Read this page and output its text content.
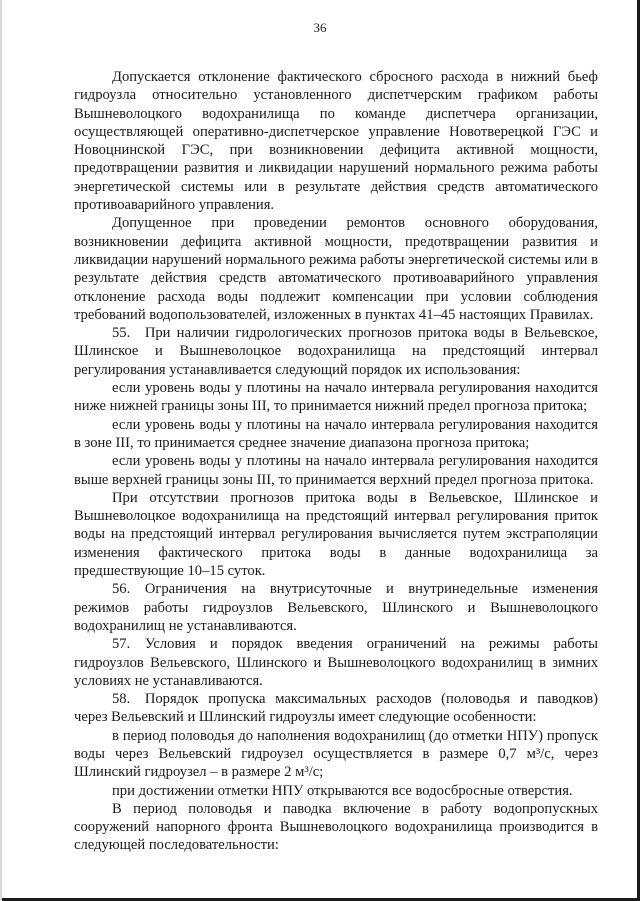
36

Допускается отклонение фактического сбросного расхода в нижний бьеф гидроузла относительно установленного диспетчерским графиком работы Вышневолоцкого водохранилища по команде диспетчера организации, осуществляющей оперативно-диспетчерское управление Новотверецкой ГЭС и Новоцнинской ГЭС, при возникновении дефицита активной мощности, предотвращении развития и ликвидации нарушений нормального режима работы энергетической системы или в результате действия средств автоматического противоаварийного управления.

Допущенное при проведении ремонтов основного оборудования, возникновении дефицита активной мощности, предотвращении развития и ликвидации нарушений нормального режима работы энергетической системы или в результате действия средств автоматического противоаварийного управления отклонение расхода воды подлежит компенсации при условии соблюдения требований водопользователей, изложенных в пунктах 41–45 настоящих Правилах.

55. При наличии гидрологических прогнозов притока воды в Вельевское, Шлинское и Вышневолоцкое водохранилища на предстоящий интервал регулирования устанавливается следующий порядок их использования:

если уровень воды у плотины на начало интервала регулирования находится ниже нижней границы зоны III, то принимается нижний предел прогноза притока;

если уровень воды у плотины на начало интервала регулирования находится в зоне III, то принимается среднее значение диапазона прогноза притока;

если уровень воды у плотины на начало интервала регулирования находится выше верхней границы зоны III, то принимается верхний предел прогноза притока.

При отсутствии прогнозов притока воды в Вельевское, Шлинское и Вышневолоцкое водохранилища на предстоящий интервал регулирования приток воды на предстоящий интервал регулирования вычисляется путем экстраполяции изменения фактического притока воды в данные водохранилища за предшествующие 10–15 суток.

56. Ограничения на внутрисуточные и внутринедельные изменения режимов работы гидроузлов Вельевского, Шлинского и Вышневолоцкого водохранилищ не устанавливаются.

57. Условия и порядок введения ограничений на режимы работы гидроузлов Вельевского, Шлинского и Вышневолоцкого водохранилищ в зимних условиях не устанавливаются.

58. Порядок пропуска максимальных расходов (половодья и паводков) через Вельевский и Шлинский гидроузлы имеет следующие особенности:

в период половодья до наполнения водохранилищ (до отметки НПУ) пропуск воды через Вельевский гидроузел осуществляется в размере 0,7 м³/с, через Шлинский гидроузел – в размере 2 м³/с;

при достижении отметки НПУ открываются все водосбросные отверстия.

В период половодья и паводка включение в работу водопропускных сооружений напорного фронта Вышневолоцкого водохранилища производится в следующей последовательности:
